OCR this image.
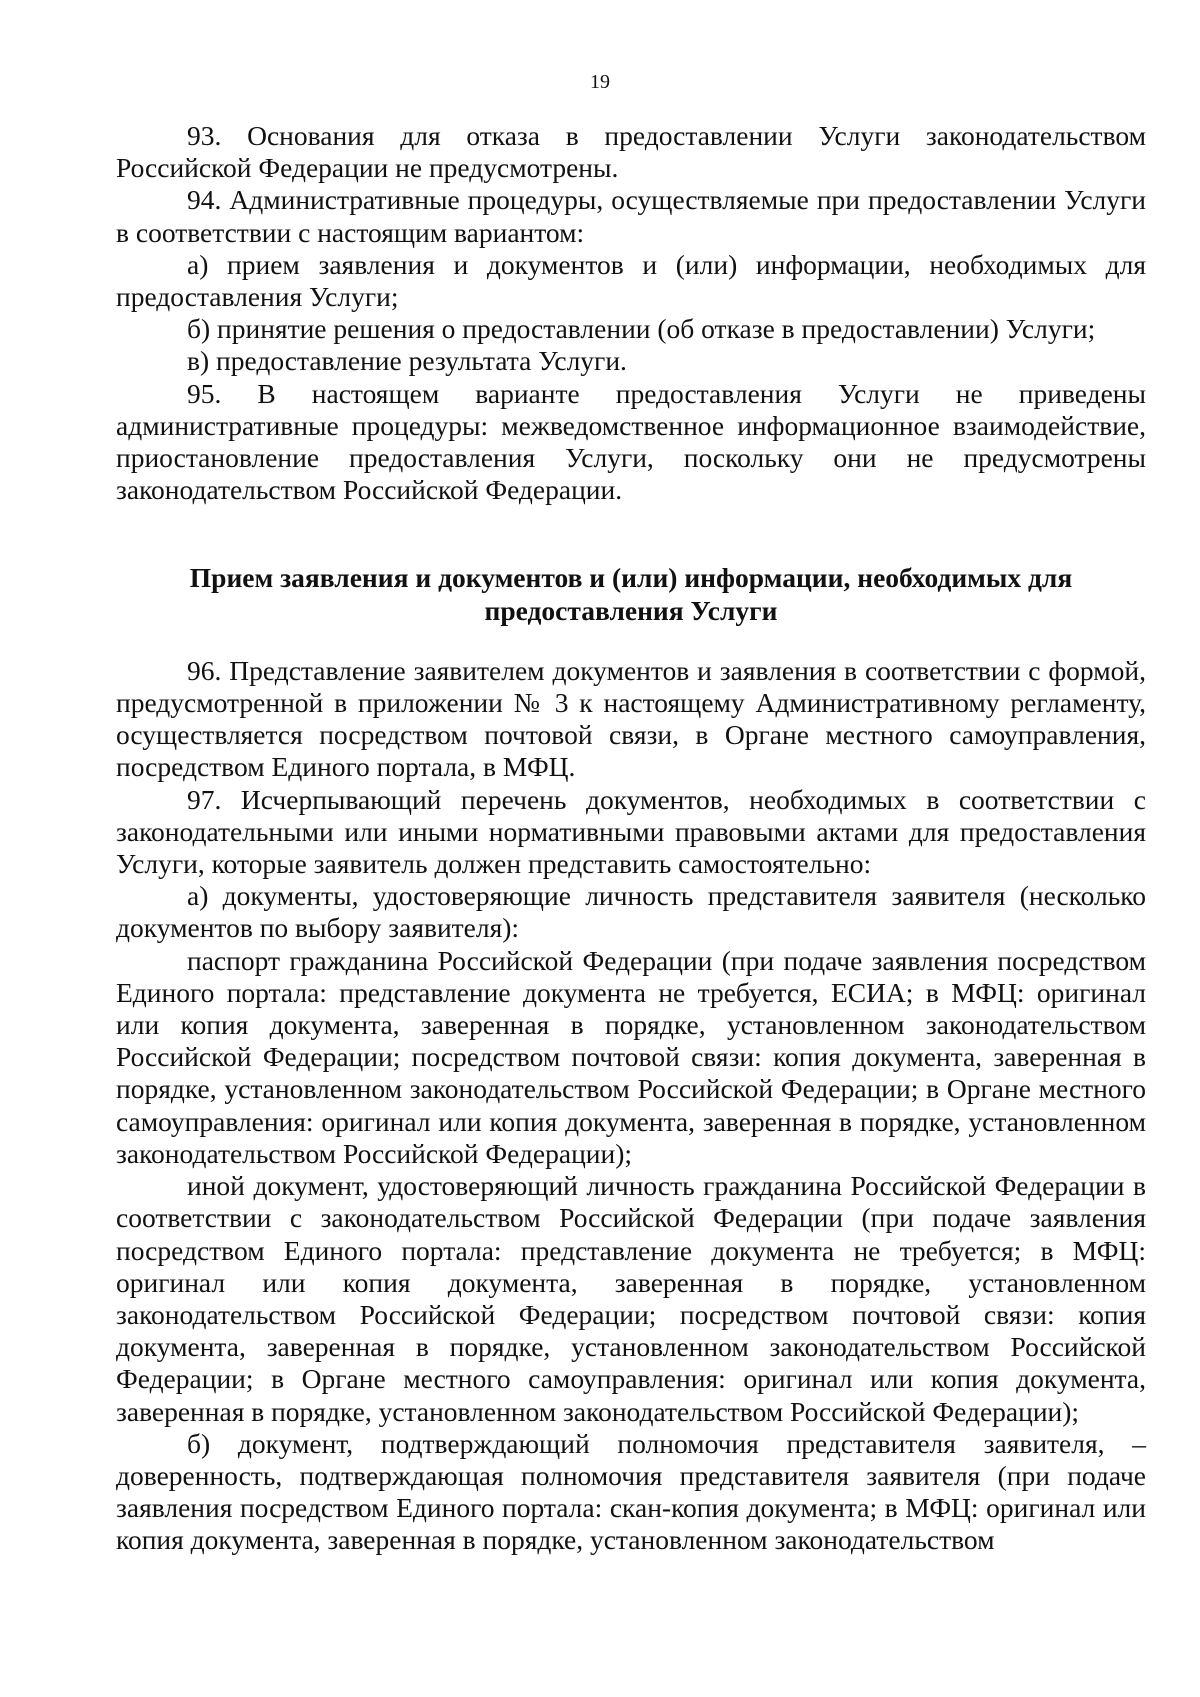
19

93. Основания для отказа в предоставлении Услуги законодательством Российской Федерации не предусмотрены.

94. Административные процедуры, осуществляемые при предоставлении Услуги в соответствии с настоящим вариантом:

а) прием заявления и документов и (или) информации, необходимых для предоставления Услуги;

б) принятие решения о предоставлении (об отказе в предоставлении) Услуги;

в) предоставление результата Услуги.

95. В настоящем варианте предоставления Услуги не приведены административные процедуры: межведомственное информационное взаимодействие, приостановление предоставления Услуги, поскольку они не предусмотрены законодательством Российской Федерации.

Прием заявления и документов и (или) информации, необходимых для предоставления Услуги

96. Представление заявителем документов и заявления в соответствии с формой, предусмотренной в приложении № 3 к настоящему Административному регламенту, осуществляется посредством почтовой связи, в Органе местного самоуправления, посредством Единого портала, в МФЦ.

97. Исчерпывающий перечень документов, необходимых в соответствии с законодательными или иными нормативными правовыми актами для предоставления Услуги, которые заявитель должен представить самостоятельно:

а) документы, удостоверяющие личность представителя заявителя (несколько документов по выбору заявителя):

паспорт гражданина Российской Федерации (при подаче заявления посредством Единого портала: представление документа не требуется, ЕСИА; в МФЦ: оригинал или копия документа, заверенная в порядке, установленном законодательством Российской Федерации; посредством почтовой связи: копия документа, заверенная в порядке, установленном законодательством Российской Федерации; в Органе местного самоуправления: оригинал или копия документа, заверенная в порядке, установленном законодательством Российской Федерации);

иной документ, удостоверяющий личность гражданина Российской Федерации в соответствии с законодательством Российской Федерации (при подаче заявления посредством Единого портала: представление документа не требуется; в МФЦ: оригинал или копия документа, заверенная в порядке, установленном законодательством Российской Федерации; посредством почтовой связи: копия документа, заверенная в порядке, установленном законодательством Российской Федерации; в Органе местного самоуправления: оригинал или копия документа, заверенная в порядке, установленном законодательством Российской Федерации);

б) документ, подтверждающий полномочия представителя заявителя, – доверенность, подтверждающая полномочия представителя заявителя (при подаче заявления посредством Единого портала: скан-копия документа; в МФЦ: оригинал или копия документа, заверенная в порядке, установленном законодательством
